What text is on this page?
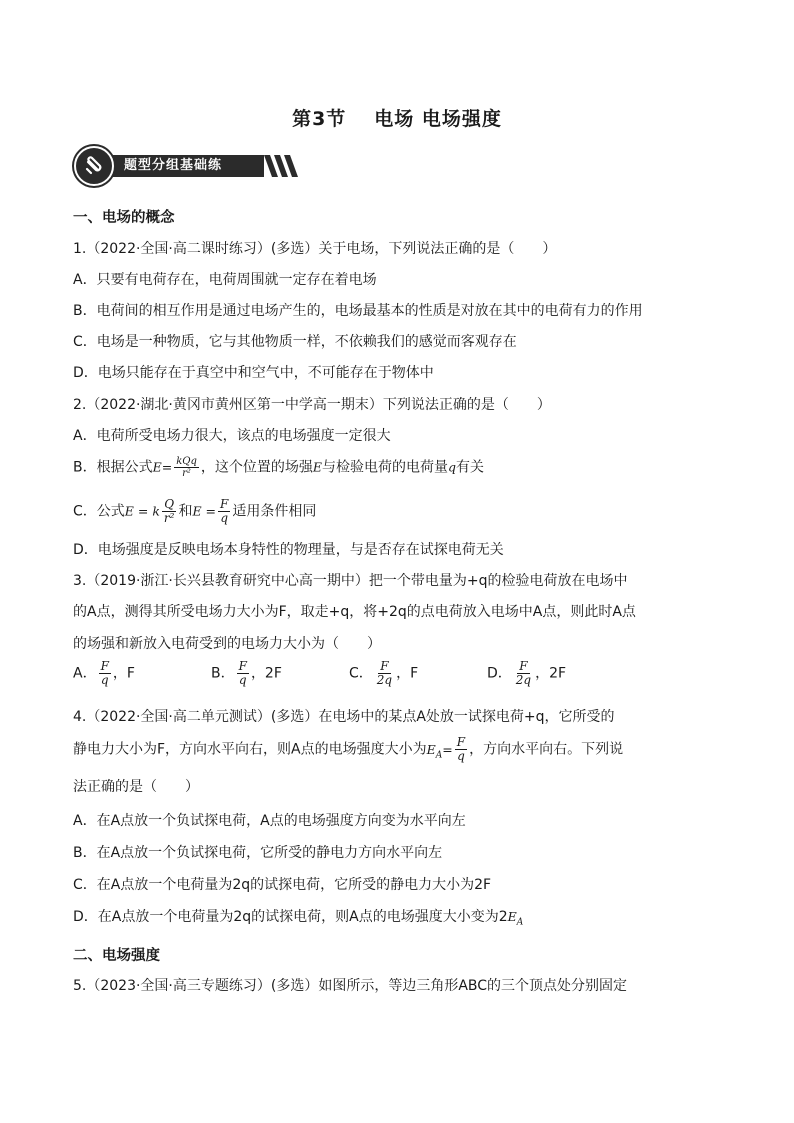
第3节 电场 电场强度
题型分组基础练
一、电场的概念
1.（2022·全国·高二课时练习）(多选）关于电场，下列说法正确的是（　　）
A．只要有电荷存在，电荷周围就一定存在着电场
B．电荷间的相互作用是通过电场产生的，电场最基本的性质是对放在其中的电荷有力的作用
C．电场是一种物质，它与其他物质一样，不依赖我们的感觉而客观存在
D．电场只能存在于真空中和空气中，不可能存在于物体中
2.（2022·湖北·黄冈市黄州区第一中学高一期末）下列说法正确的是（　　）
A．电荷所受电场力很大，该点的电场强度一定很大
B．根据公式$E= \frac{\text{kQq}}{\text{r²}}$ ，这个位置的场强E与检验电荷的电荷量q有关
C．公式E = k $\frac{Q}{\text{r²}}$ 和$E = \frac{F}{q}$ 适用条件相同
D．电场强度是反映电场本身特性的物理量，与是否存在试探电荷无关
3.（2019·浙江·长兴县教育研究中心高一期中）把一个带电量为+q的检验电荷放在电场中
的A点，测得其所受电场力大小为F，取走+q，将+2q的点电荷放入电场中A点，则此时A点
的场强和新放入电荷受到的电场力大小为（　　）
A． $\frac{F}{q}$ ，F	B． $\frac{F}{q}$ ，2F	C． $\frac{F}{2q}$ ，F	D． $\frac{F}{2q}$ ，2F
4.（2022·全国·高二单元测试）(多选）在电场中的某点A处放一试探电荷+q，它所受的
静电力大小为F，方向水平向右，则A点的电场强度大小为$E_A= \frac{F}{q}$ ，方向水平向右。下列说
法正确的是（　　）
A．在A点放一个负试探电荷，A点的电场强度方向变为水平向左
B．在A点放一个负试探电荷，它所受的静电力方向水平向左
C．在A点放一个电荷量为2q的试探电荷，它所受的静电力大小为2F
D．在A点放一个电荷量为2q的试探电荷，则A点的电场强度大小变为$2E_A$
二、电场强度
5.（2023·全国·高三专题练习）(多选）如图所示，等边三角形ABC的三个顶点处分别固定
